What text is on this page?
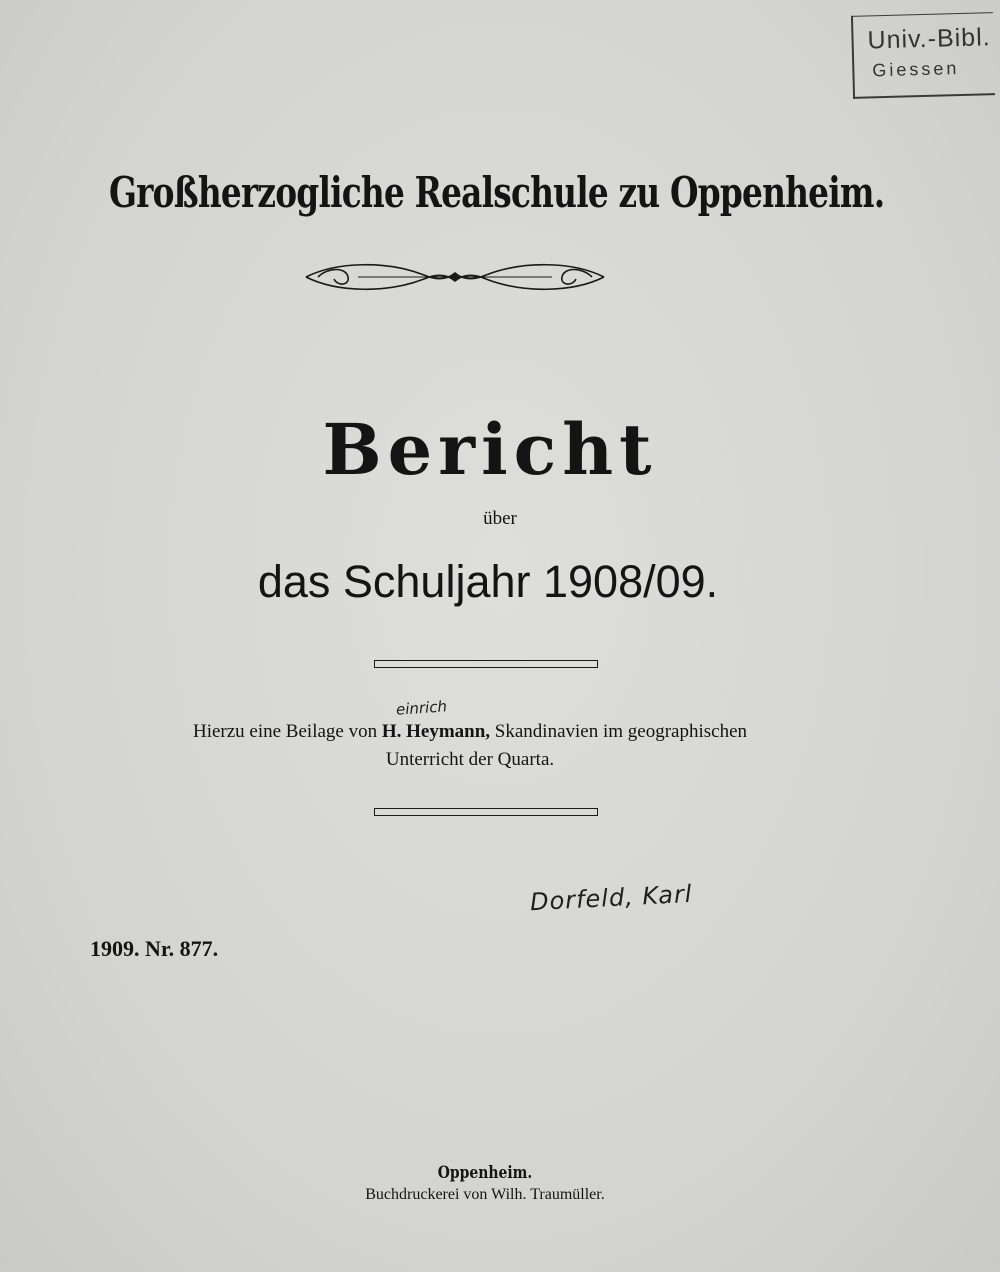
Univ.-Bibl.
Giessen
Großherzogliche Realschule zu Oppenheim.
Bericht
über
das Schuljahr 1908/09.
Hierzu eine Beilage von H. Heymann, Skandinavien im geographischen
Unterricht der Quarta.
einrich
Dorfeld, Karl
1909. Nr. 877.
Oppenheim.
Buchdruckerei von Wilh. Traumüller.
